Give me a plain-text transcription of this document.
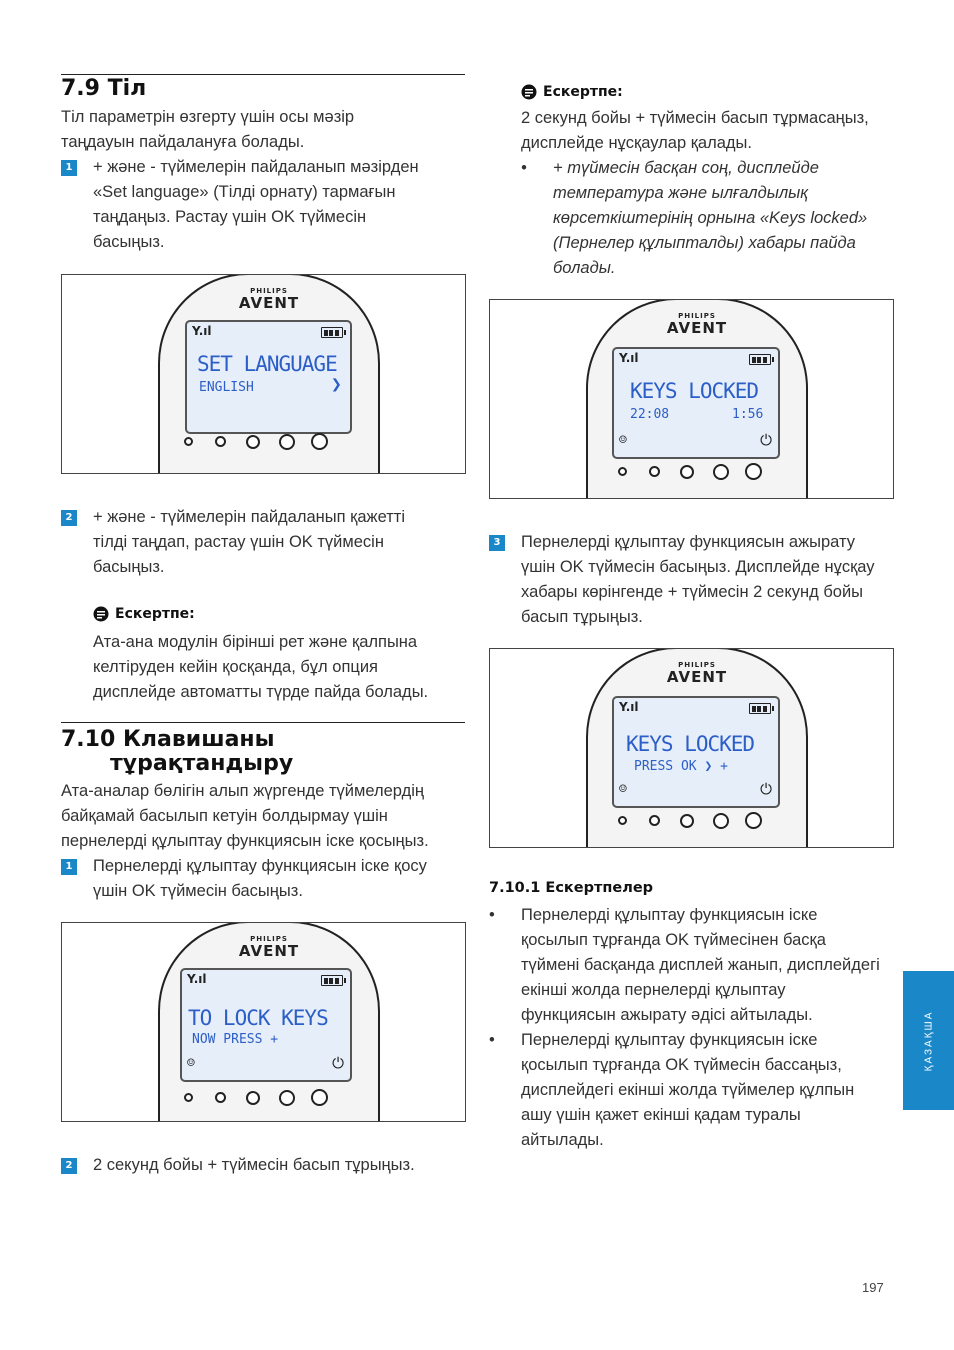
7.9 Тіл
Тіл параметрін өзгерту үшін осы мәзір таңдауын пайдалануға болады.
1 + және - түймелерін пайдаланып мәзірден «Set language» (Тілді орнату) тармағын таңдаңыз. Растау үшін OK түймесін басыңыз.
PHILIPS
AVENT
Y.ıl
SET LANGUAGE
ENGLISH	❯
2 + және - түймелерін пайдаланып қажетті тілді таңдап, растау үшін OK түймесін басыңыз.
Ескертпе:
Ата-ана модулін бірінші рет және қалпына келтіруден кейін қосқанда, бұл опция дисплейде автоматты түрде пайда болады.
7.10 Клавишаны
тұрақтандыру
Ата-аналар бөлігін алып жүргенде түймелердің байқамай басылып кетуін болдырмау үшін пернелерді құлыптау функциясын іске қосыңыз.
1 Пернелерді құлыптау функциясын іске қосу үшін OK түймесін басыңыз.
PHILIPS
AVENT
Y.ıl
TO LOCK KEYS
NOW PRESS +
☺	⏻
2 2 секунд бойы + түймесін басып тұрыңыз.
Ескертпе:
2 секунд бойы + түймесін басып тұрмасаңыз, дисплейде нұсқаулар қалады.
• + түймесін басқан соң, дисплейде температура және ылғалдылық көрсеткіштерінің орнына «Keys locked» (Пернелер құлыпталды) хабары пайда болады.
PHILIPS
AVENT
Y.ıl
KEYS LOCKED
22:08	1:56
☺	⏻
3 Пернелерді құлыптау функциясын ажырату үшін OK түймесін басыңыз. Дисплейде нұсқау хабары көрінгенде + түймесін 2 секунд бойы басып тұрыңыз.
PHILIPS
AVENT
Y.ıl
KEYS LOCKED
PRESS OK ❯ +
☺	⏻
7.10.1 Ескертпелер
• Пернелерді құлыптау функциясын іске қосылып тұрғанда OK түймесінен басқа түймені басқанда дисплей жанып, дисплейдегі екінші жолда пернелерді құлыптау функциясын ажырату әдісі айтылады.
• Пернелерді құлыптау функциясын іске қосылып тұрғанда OK түймесін бассаңыз, дисплейдегі екінші жолда түймелер құлпын ашу үшін қажет екінші қадам туралы айтылады.
ҚАЗАҚША
197
